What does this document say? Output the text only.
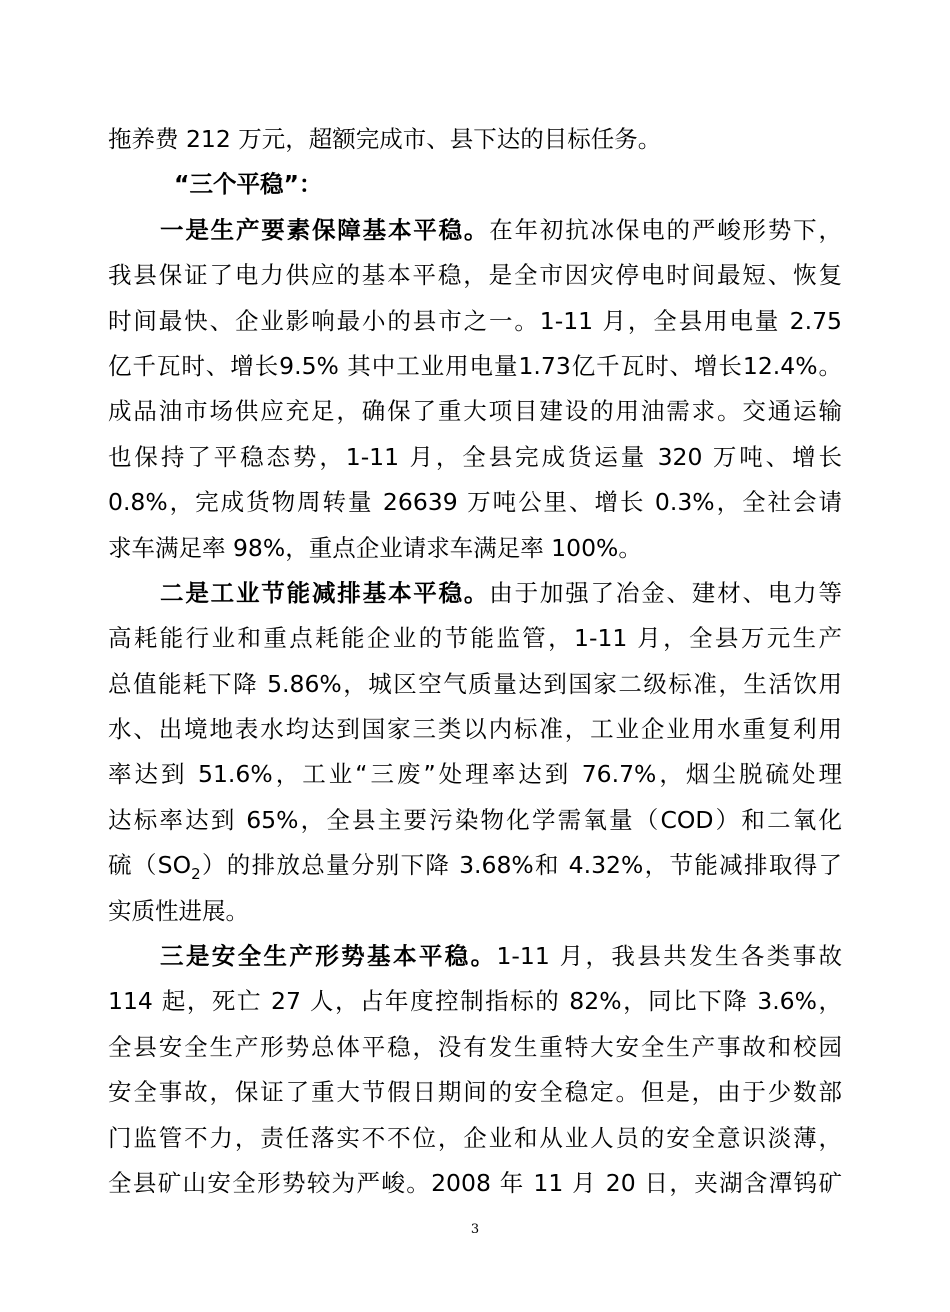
拖养费 212 万元，超额完成市、县下达的目标任务。
“三个平稳”：
一是生产要素保障基本平稳。在年初抗冰保电的严峻形势下，
我县保证了电力供应的基本平稳，是全市因灾停电时间最短、恢复
时间最快、企业影响最小的县市之一。1-11 月，全县用电量 2.75
亿千瓦时、增长9.5% 其中工业用电量1.73亿千瓦时、增长12.4%。
成品油市场供应充足，确保了重大项目建设的用油需求。交通运输
也保持了平稳态势，1-11 月，全县完成货运量 320 万吨、增长
0.8%，完成货物周转量 26639 万吨公里、增长 0.3%，全社会请
求车满足率 98%，重点企业请求车满足率 100%。
二是工业节能减排基本平稳。由于加强了冶金、建材、电力等
高耗能行业和重点耗能企业的节能监管，1-11 月，全县万元生产
总值能耗下降 5.86%，城区空气质量达到国家二级标准，生活饮用
水、出境地表水均达到国家三类以内标准，工业企业用水重复利用
率达到 51.6%，工业“三废”处理率达到 76.7%，烟尘脱硫处理
达标率达到 65%，全县主要污染物化学需氧量（COD）和二氧化
硫$(SO_2)$的排放总量分别下降 3.68%和 4.32%，节能减排取得了
实质性进展。
三是安全生产形势基本平稳。1-11 月，我县共发生各类事故
114 起，死亡 27 人，占年度控制指标的 82%，同比下降 3.6%，
全县安全生产形势总体平稳，没有发生重特大安全生产事故和校园
安全事故，保证了重大节假日期间的安全稳定。但是，由于少数部
门监管不力，责任落实不不位，企业和从业人员的安全意识淡薄，
全县矿山安全形势较为严峻。2008 年 11 月 20 日，夹湖含潭钨矿
3
